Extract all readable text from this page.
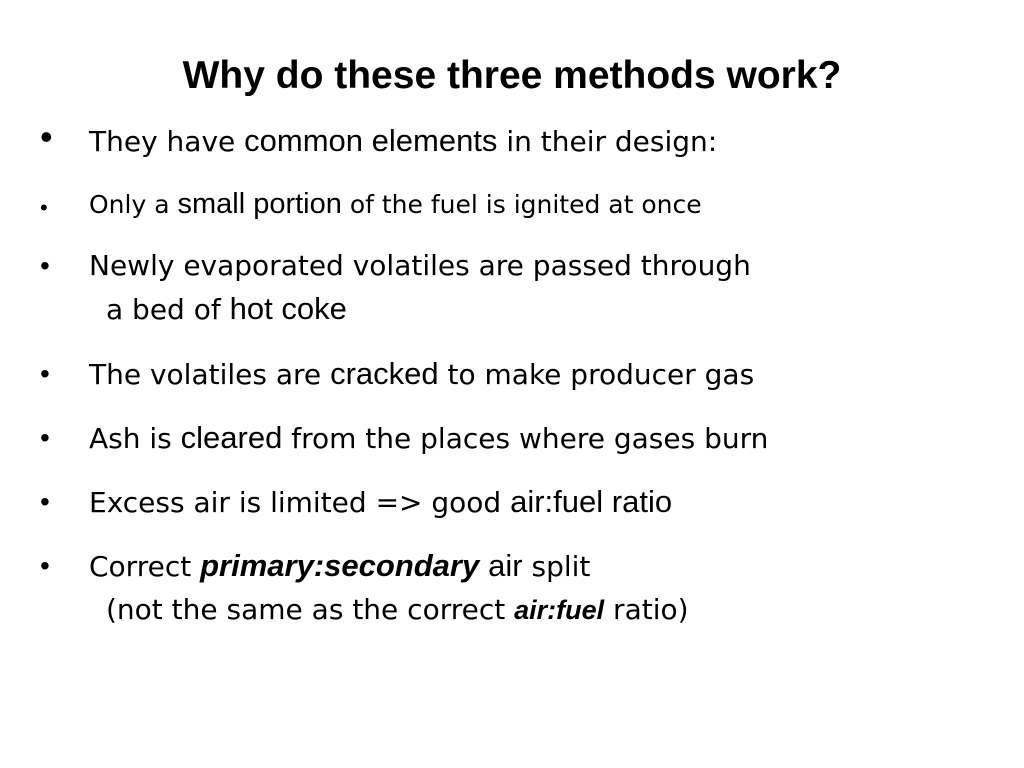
Why do these three methods work?
• They have common elements in their design:
• Only a small portion of the fuel is ignited at once
• Newly evaporated volatiles are passed through
a bed of hot coke
• The volatiles are cracked to make producer gas
• Ash is cleared from the places where gases burn
• Excess air is limited => good air:fuel ratio
• Correct primary:secondary air split
(not the same as the correct air:fuel ratio)
